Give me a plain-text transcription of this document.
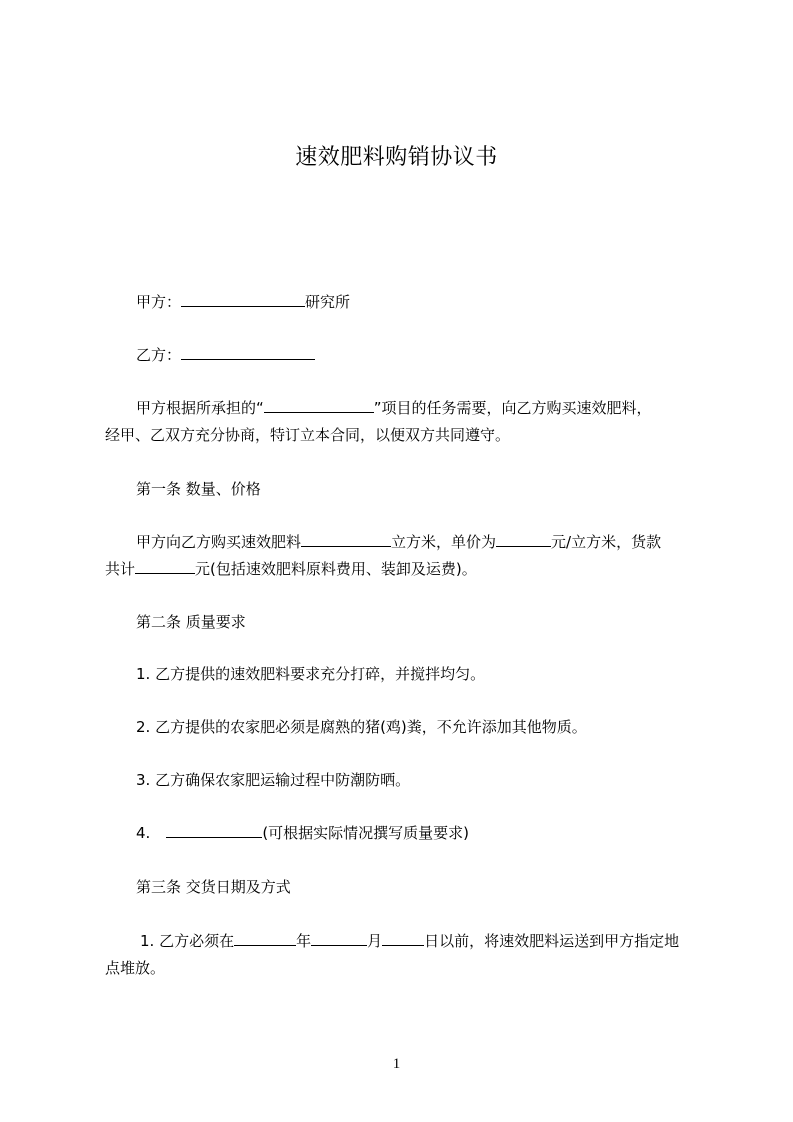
速效肥料购销协议书
甲方：	研究所
乙方：
甲方根据所承担的“	”项目的任务需要，向乙方购买速效肥料，
经甲、乙双方充分协商，特订立本合同，以便双方共同遵守。
第一条 数量、价格
甲方向乙方购买速效肥料	立方米，单价为	元/立方米，货款
共计	元(包括速效肥料原料费用、装卸及运费)。
第二条 质量要求
1. 乙方提供的速效肥料要求充分打碎，并搅拌均匀。
2. 乙方提供的农家肥必须是腐熟的猪(鸡)粪，不允许添加其他物质。
3. 乙方确保农家肥运输过程中防潮防晒。
4.	(可根据实际情况撰写质量要求)
第三条 交货日期及方式
1. 乙方必须在	年	月	日以前，将速效肥料运送到甲方指定地
点堆放。
1
